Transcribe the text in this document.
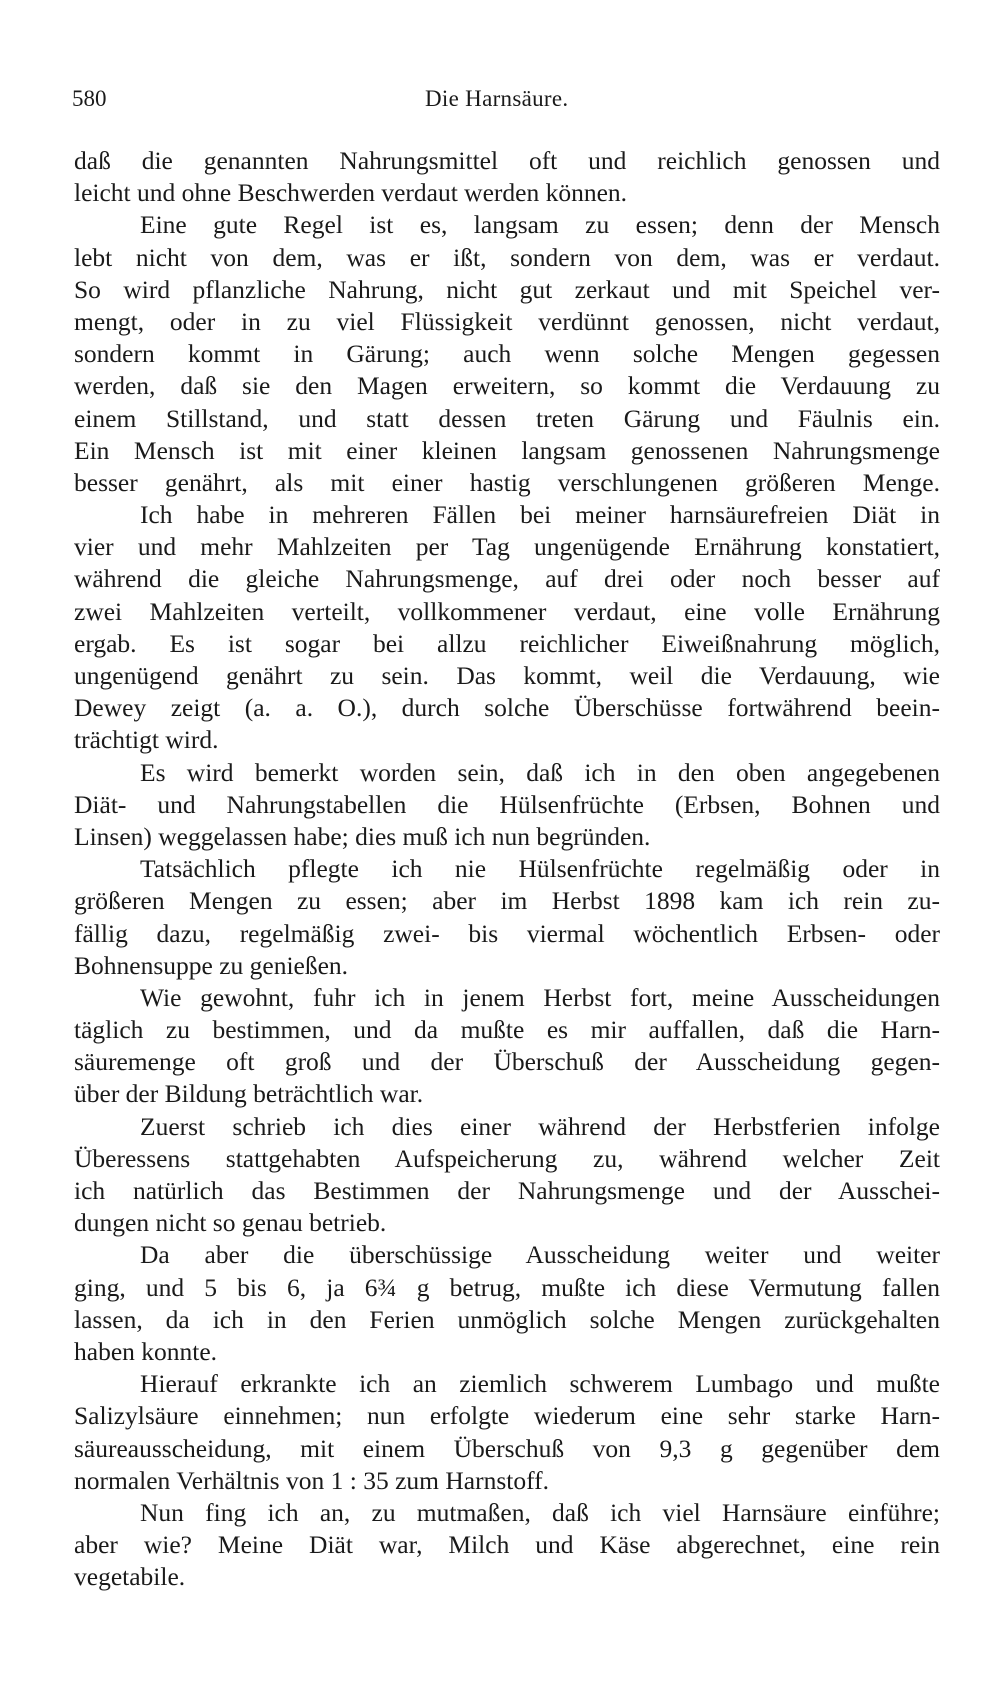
580	Die Harnsäure.
daß die genannten Nahrungsmittel oft und reichlich genossen und
leicht und ohne Beschwerden verdaut werden können.
Eine gute Regel ist es, langsam zu essen; denn der Mensch
lebt nicht von dem, was er ißt, sondern von dem, was er verdaut.
So wird pflanzliche Nahrung, nicht gut zerkaut und mit Speichel ver-
mengt, oder in zu viel Flüssigkeit verdünnt genossen, nicht verdaut,
sondern kommt in Gärung; auch wenn solche Mengen gegessen
werden, daß sie den Magen erweitern, so kommt die Verdauung zu
einem Stillstand, und statt dessen treten Gärung und Fäulnis ein.
Ein Mensch ist mit einer kleinen langsam genossenen Nahrungsmenge
besser genährt, als mit einer hastig verschlungenen größeren Menge.
Ich habe in mehreren Fällen bei meiner harnsäurefreien Diät in
vier und mehr Mahlzeiten per Tag ungenügende Ernährung konstatiert,
während die gleiche Nahrungsmenge, auf drei oder noch besser auf
zwei Mahlzeiten verteilt, vollkommener verdaut, eine volle Ernährung
ergab. Es ist sogar bei allzu reichlicher Eiweißnahrung möglich,
ungenügend genährt zu sein. Das kommt, weil die Verdauung, wie
Dewey zeigt (a. a. O.), durch solche Überschüsse fortwährend beein-
trächtigt wird.
Es wird bemerkt worden sein, daß ich in den oben angegebenen
Diät- und Nahrungstabellen die Hülsenfrüchte (Erbsen, Bohnen und
Linsen) weggelassen habe; dies muß ich nun begründen.
Tatsächlich pflegte ich nie Hülsenfrüchte regelmäßig oder in
größeren Mengen zu essen; aber im Herbst 1898 kam ich rein zu-
fällig dazu, regelmäßig zwei- bis viermal wöchentlich Erbsen- oder
Bohnensuppe zu genießen.
Wie gewohnt, fuhr ich in jenem Herbst fort, meine Ausscheidungen
täglich zu bestimmen, und da mußte es mir auffallen, daß die Harn-
säuremenge oft groß und der Überschuß der Ausscheidung gegen-
über der Bildung beträchtlich war.
Zuerst schrieb ich dies einer während der Herbstferien infolge
Überessens stattgehabten Aufspeicherung zu, während welcher Zeit
ich natürlich das Bestimmen der Nahrungsmenge und der Ausschei-
dungen nicht so genau betrieb.
Da aber die überschüssige Ausscheidung weiter und weiter
ging, und 5 bis 6, ja 6¾ g betrug, mußte ich diese Vermutung fallen
lassen, da ich in den Ferien unmöglich solche Mengen zurückgehalten
haben konnte.
Hierauf erkrankte ich an ziemlich schwerem Lumbago und mußte
Salizylsäure einnehmen; nun erfolgte wiederum eine sehr starke Harn-
säureausscheidung, mit einem Überschuß von 9,3 g gegenüber dem
normalen Verhältnis von 1 : 35 zum Harnstoff.
Nun fing ich an, zu mutmaßen, daß ich viel Harnsäure einführe;
aber wie? Meine Diät war, Milch und Käse abgerechnet, eine rein
vegetabile.
